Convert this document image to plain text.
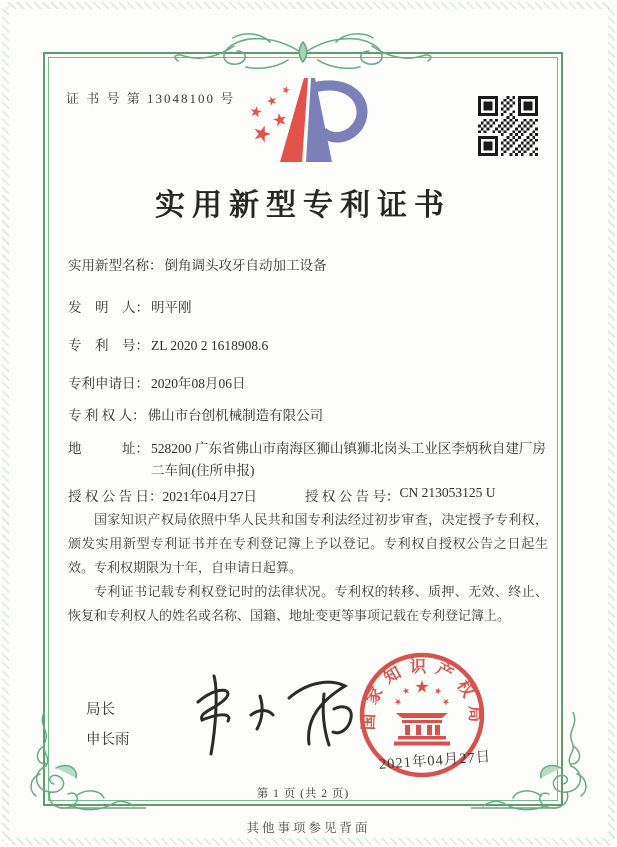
证 书 号 第 13048100 号
实用新型专利证书
实用新型名称： 倒角调头攻牙自动加工设备
发　明　人： 明平刚
专　利　号： ZL 2020 2 1618908.6
专利申请日： 2020年08月06日
专 利 权 人： 佛山市台创机械制造有限公司
地　　　址： 528200 广东省佛山市南海区狮山镇狮北岗头工业区李炳秋自建厂房二车间(住所申报)
授 权 公 告 日： 2021年04月27日	授 权 公 告 号： CN 213053125 U

国家知识产权局依照中华人民共和国专利法经过初步审查，决定授予专利权，颁发实用新型专利证书并在专利登记簿上予以登记。专利权自授权公告之日起生效。专利权期限为十年，自申请日起算。

专利证书记载专利权登记时的法律状况。专利权的转移、质押、无效、终止、恢复和专利权人的姓名或名称、国籍、地址变更等事项记载在专利登记簿上。

局长
申长雨
国家知识产权局
2021年04月27日
第 1 页 (共 2 页)
其他事项参见背面
